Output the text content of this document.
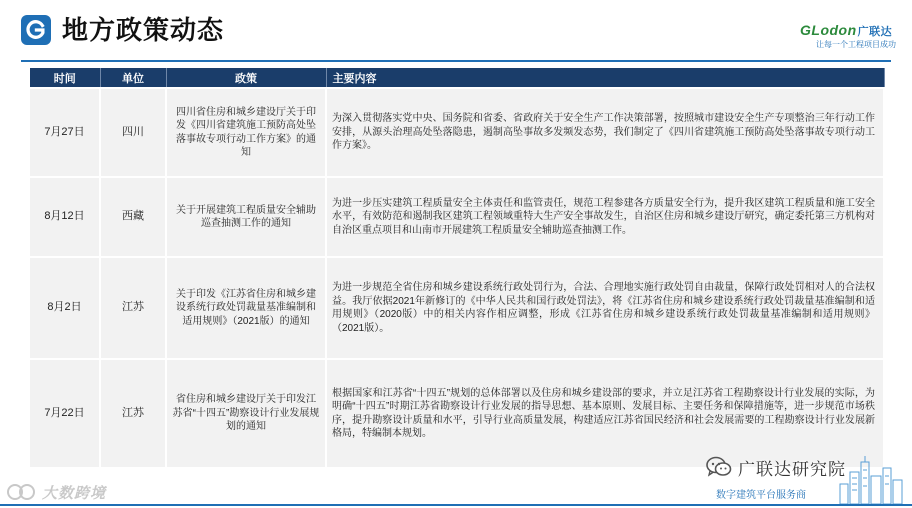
地方政策动态	GLodon广联达
让每一个工程项目成功
时间	单位	政策	主要内容
7月27日	四川	四川省住房和城乡建设厅关于印发《四川省建筑施工预防高处坠落事故专项行动工作方案》的通知	为深入贯彻落实党中央、国务院和省委、省政府关于安全生产工作决策部署，按照城市建设安全生产专项整治三年行动工作安排，从源头治理高处坠落隐患，遏制高坠事故多发频发态势，我们制定了《四川省建筑施工预防高处坠落事故专项行动工作方案》。
8月12日	西藏	关于开展建筑工程质量安全辅助巡查抽测工作的通知	为进一步压实建筑工程质量安全主体责任和监管责任，规范工程参建各方质量安全行为，提升我区建筑工程质量和施工安全水平，有效防范和遏制我区建筑工程领域重特大生产安全事故发生，自治区住房和城乡建设厅研究，确定委托第三方机构对自治区重点项目和山南市开展建筑工程质量安全辅助巡查抽测工作。
8月2日	江苏	关于印发《江苏省住房和城乡建设系统行政处罚裁量基准编制和适用规则》（2021版）的通知	为进一步规范全省住房和城乡建设系统行政处罚行为，合法、合理地实施行政处罚自由裁量，保障行政处罚相对人的合法权益。我厅依据2021年新修订的《中华人民共和国行政处罚法》，将《江苏省住房和城乡建设系统行政处罚裁量基准编制和适用规则》（2020版）中的相关内容作相应调整，形成《江苏省住房和城乡建设系统行政处罚裁量基准编制和适用规则》（2021版）。
7月22日	江苏	省住房和城乡建设厅关于印发江苏省“十四五”勘察设计行业发展规划的通知	根据国家和江苏省“十四五”规划的总体部署以及住房和城乡建设部的要求，并立足江苏省工程勘察设计行业发展的实际，为明确“十四五”时期江苏省勘察设计行业发展的指导思想、基本原则、发展目标、主要任务和保障措施等，进一步规范市场秩序，提升勘察设计质量和水平，引导行业高质量发展，构建适应江苏省国民经济和社会发展需要的工程勘察设计行业发展新格局，特编制本规划。
广联达研究院
大数跨境	数字建筑平台服务商
